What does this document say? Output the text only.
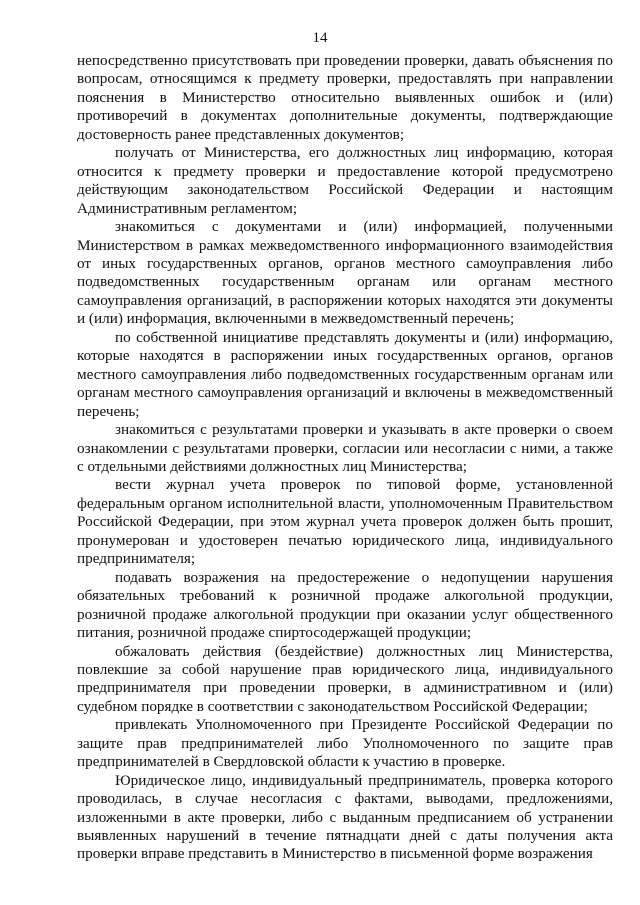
14

непосредственно присутствовать при проведении проверки, давать объяснения по вопросам, относящимся к предмету проверки, предоставлять при направлении пояснения в Министерство относительно выявленных ошибок и (или) противоречий в документах дополнительные документы, подтверждающие достоверность ранее представленных документов;

получать от Министерства, его должностных лиц информацию, которая относится к предмету проверки и предоставление которой предусмотрено действующим законодательством Российской Федерации и настоящим Административным регламентом;

знакомиться с документами и (или) информацией, полученными Министерством в рамках межведомственного информационного взаимодействия от иных государственных органов, органов местного самоуправления либо подведомственных государственным органам или органам местного самоуправления организаций, в распоряжении которых находятся эти документы и (или) информация, включенными в межведомственный перечень;

по собственной инициативе представлять документы и (или) информацию, которые находятся в распоряжении иных государственных органов, органов местного самоуправления либо подведомственных государственным органам или органам местного самоуправления организаций и включены в межведомственный перечень;

знакомиться с результатами проверки и указывать в акте проверки о своем ознакомлении с результатами проверки, согласии или несогласии с ними, а также с отдельными действиями должностных лиц Министерства;

вести журнал учета проверок по типовой форме, установленной федеральным органом исполнительной власти, уполномоченным Правительством Российской Федерации, при этом журнал учета проверок должен быть прошит, пронумерован и удостоверен печатью юридического лица, индивидуального предпринимателя;

подавать возражения на предостережение о недопущении нарушения обязательных требований к розничной продаже алкогольной продукции, розничной продаже алкогольной продукции при оказании услуг общественного питания, розничной продаже спиртосодержащей продукции;

обжаловать действия (бездействие) должностных лиц Министерства, повлекшие за собой нарушение прав юридического лица, индивидуального предпринимателя при проведении проверки, в административном и (или) судебном порядке в соответствии с законодательством Российской Федерации;

привлекать Уполномоченного при Президенте Российской Федерации по защите прав предпринимателей либо Уполномоченного по защите прав предпринимателей в Свердловской области к участию в проверке.

Юридическое лицо, индивидуальный предприниматель, проверка которого проводилась, в случае несогласия с фактами, выводами, предложениями, изложенными в акте проверки, либо с выданным предписанием об устранении выявленных нарушений в течение пятнадцати дней с даты получения акта проверки вправе представить в Министерство в письменной форме возражения
